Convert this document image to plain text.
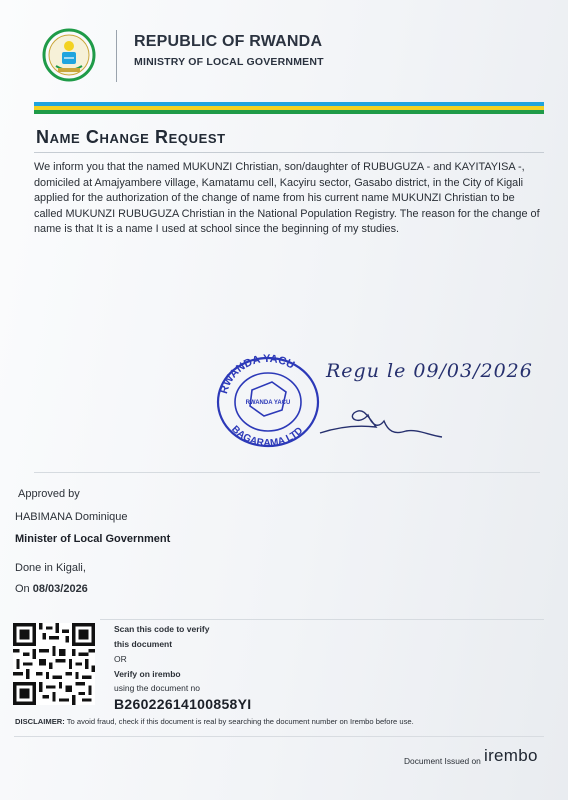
REPUBLIC OF RWANDA
MINISTRY OF LOCAL GOVERNMENT
Name Change Request
We inform you that the named MUKUNZI Christian, son/daughter of RUBUGUZA - and KAYITAYISA -, domiciled at Amajyambere village, Kamatamu cell, Kacyiru sector, Gasabo district, in the City of Kigali applied for the authorization of the change of name from his current name MUKUNZI Christian to be called MUKUNZI RUBUGUZA Christian in the National Population Registry. The reason for the change of name is that It is a name I used at school since the beginning of my studies.
RWANDA YACU
BAGARAMA LTD
RWANDA YACU
Regu le 09/03/2026
Approved by
HABIMANA Dominique
Minister of Local Government
Done in Kigali,
On 08/03/2026
Scan this code to verify
this document
OR
Verify on irembo
using the document no
B26022614100858YI
DISCLAIMER: To avoid fraud, check if this document is real by searching the document number on Irembo before use.
Document Issued on irembo
